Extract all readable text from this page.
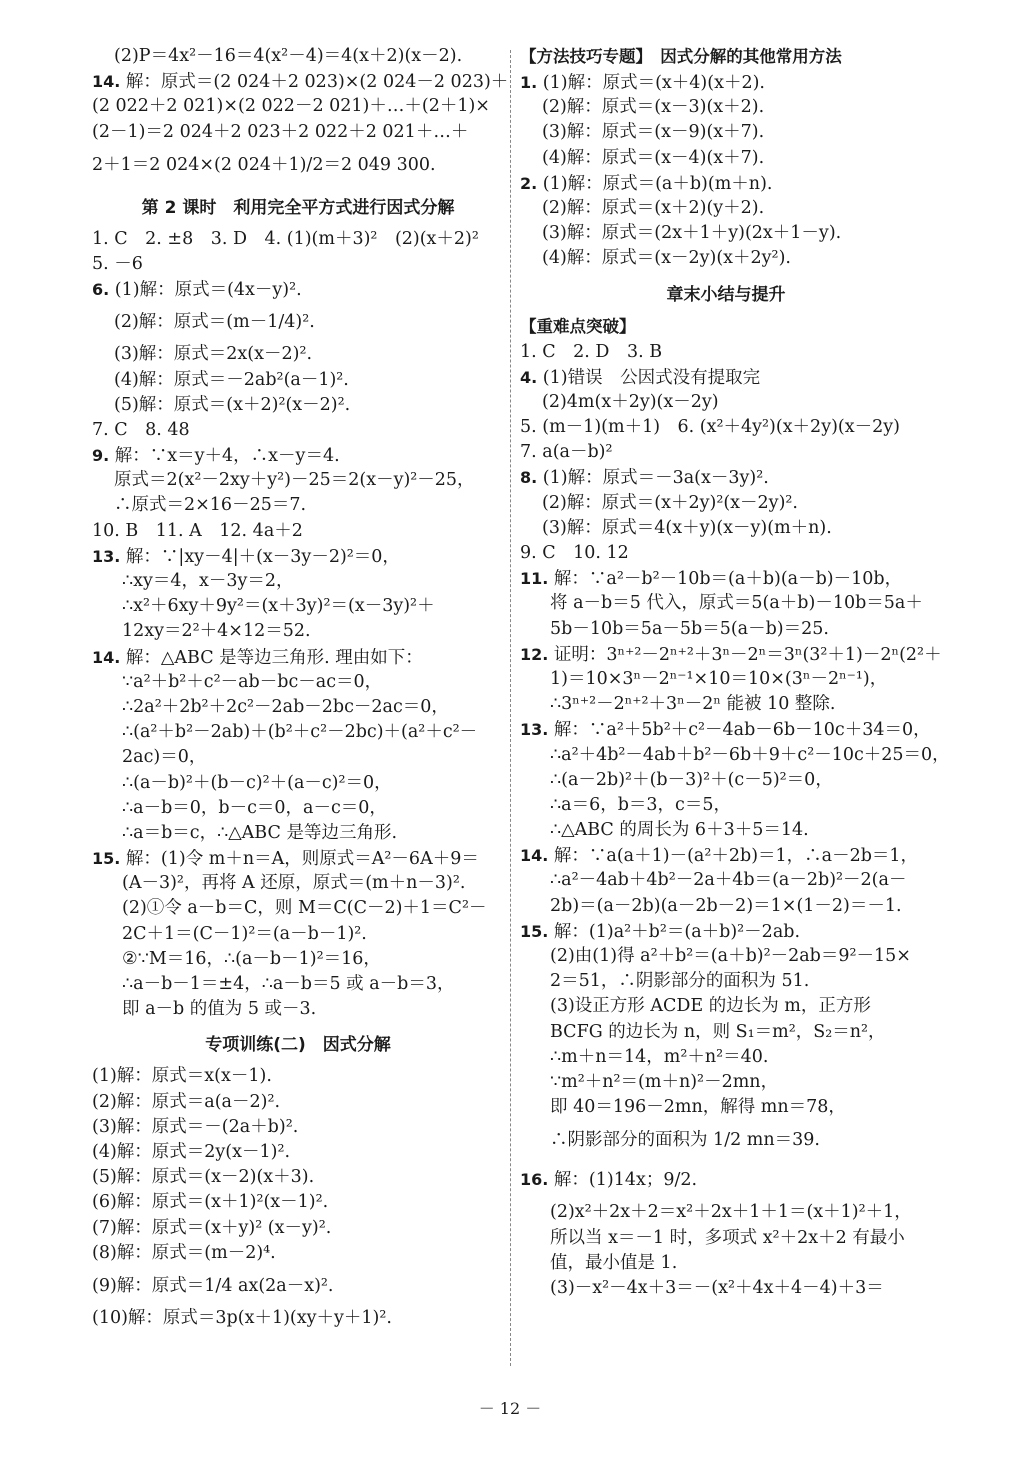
(2)P＝4x²－16＝4(x²－4)＝4(x＋2)(x－2).
14. 解：原式＝(2 024＋2 023)×(2 024－2 023)＋
(2 022＋2 021)×(2 022－2 021)＋…＋(2＋1)×
(2－1)＝2 024＋2 023＋2 022＋2 021＋…＋
2＋1＝2 024×(2 024＋1)/2＝2 049 300.
第 2 课时　利用完全平方式进行因式分解
1. C　2. ±8　3. D　4. (1)(m＋3)²　(2)(x＋2)²
5. －6
6. (1)解：原式＝(4x－y)².
(2)解：原式＝(m－1/4)².
(3)解：原式＝2x(x－2)².
(4)解：原式＝－2ab²(a－1)².
(5)解：原式＝(x＋2)²(x－2)².
7. C　8. 48
9. 解：∵x＝y＋4，∴x－y＝4.
原式＝2(x²－2xy＋y²)－25＝2(x－y)²－25，
∴原式＝2×16－25＝7.
10. B　11. A　12. 4a＋2
13. 解：∵|xy－4|＋(x－3y－2)²＝0，
∴xy＝4，x－3y＝2，
∴x²＋6xy＋9y²＝(x＋3y)²＝(x－3y)²＋
12xy＝2²＋4×12＝52.
14. 解：△ABC 是等边三角形. 理由如下：
∵a²＋b²＋c²－ab－bc－ac＝0，
∴2a²＋2b²＋2c²－2ab－2bc－2ac＝0，
∴(a²＋b²－2ab)＋(b²＋c²－2bc)＋(a²＋c²－
2ac)＝0，
∴(a－b)²＋(b－c)²＋(a－c)²＝0，
∴a－b＝0，b－c＝0，a－c＝0，
∴a＝b＝c，∴△ABC 是等边三角形.
15. 解：(1)令 m＋n＝A，则原式＝A²－6A＋9＝
(A－3)²，再将 A 还原，原式＝(m＋n－3)².
(2)①令 a－b＝C，则 M＝C(C－2)＋1＝C²－
2C＋1＝(C－1)²＝(a－b－1)².
②∵M＝16，∴(a－b－1)²＝16，
∴a－b－1＝±4，∴a－b＝5 或 a－b＝3，
即 a－b 的值为 5 或－3.
专项训练(二)　因式分解
(1)解：原式＝x(x－1).
(2)解：原式＝a(a－2)².
(3)解：原式＝－(2a＋b)².
(4)解：原式＝2y(x－1)².
(5)解：原式＝(x－2)(x＋3).
(6)解：原式＝(x＋1)²(x－1)².
(7)解：原式＝(x＋y)² (x－y)².
(8)解：原式＝(m－2)⁴.
(9)解：原式＝1/4 ax(2a－x)².
(10)解：原式＝3p(x＋1)(xy＋y＋1)².
【方法技巧专题】　因式分解的其他常用方法
1. (1)解：原式＝(x＋4)(x＋2).
(2)解：原式＝(x－3)(x＋2).
(3)解：原式＝(x－9)(x＋7).
(4)解：原式＝(x－4)(x＋7).
2. (1)解：原式＝(a＋b)(m＋n).
(2)解：原式＝(x＋2)(y＋2).
(3)解：原式＝(2x＋1＋y)(2x＋1－y).
(4)解：原式＝(x－2y)(x＋2y²).
章末小结与提升
【重难点突破】
1. C　2. D　3. B
4. (1)错误　公因式没有提取完
(2)4m(x＋2y)(x－2y)
5. (m－1)(m＋1)　6. (x²＋4y²)(x＋2y)(x－2y)
7. a(a－b)²
8. (1)解：原式＝－3a(x－3y)².
(2)解：原式＝(x＋2y)²(x－2y)².
(3)解：原式＝4(x＋y)(x－y)(m＋n).
9. C　10. 12
11. 解：∵a²－b²－10b＝(a＋b)(a－b)－10b，
将 a－b＝5 代入，原式＝5(a＋b)－10b＝5a＋
5b－10b＝5a－5b＝5(a－b)＝25.
12. 证明：3ⁿ⁺²－2ⁿ⁺²＋3ⁿ－2ⁿ＝3ⁿ(3²＋1)－2ⁿ(2²＋
1)＝10×3ⁿ－2ⁿ⁻¹×10＝10×(3ⁿ－2ⁿ⁻¹)，
∴3ⁿ⁺²－2ⁿ⁺²＋3ⁿ－2ⁿ 能被 10 整除.
13. 解：∵a²＋5b²＋c²－4ab－6b－10c＋34＝0，
∴a²＋4b²－4ab＋b²－6b＋9＋c²－10c＋25＝0，
∴(a－2b)²＋(b－3)²＋(c－5)²＝0，
∴a＝6，b＝3，c＝5，
∴△ABC 的周长为 6＋3＋5＝14.
14. 解：∵a(a＋1)－(a²＋2b)＝1，∴a－2b＝1，
∴a²－4ab＋4b²－2a＋4b＝(a－2b)²－2(a－
2b)＝(a－2b)(a－2b－2)＝1×(1－2)＝－1.
15. 解：(1)a²＋b²＝(a＋b)²－2ab.
(2)由(1)得 a²＋b²＝(a＋b)²－2ab＝9²－15×
2＝51，∴阴影部分的面积为 51.
(3)设正方形 ACDE 的边长为 m，正方形
BCFG 的边长为 n，则 S₁＝m²，S₂＝n²，
∴m＋n＝14，m²＋n²＝40.
∵m²＋n²＝(m＋n)²－2mn，
即 40＝196－2mn，解得 mn＝78，
∴阴影部分的面积为 1/2 mn＝39.
16. 解：(1)14x；9/2.
(2)x²＋2x＋2＝x²＋2x＋1＋1＝(x＋1)²＋1，
所以当 x＝－1 时，多项式 x²＋2x＋2 有最小
值，最小值是 1.
(3)－x²－4x＋3＝－(x²＋4x＋4－4)＋3＝
－ 12 －
